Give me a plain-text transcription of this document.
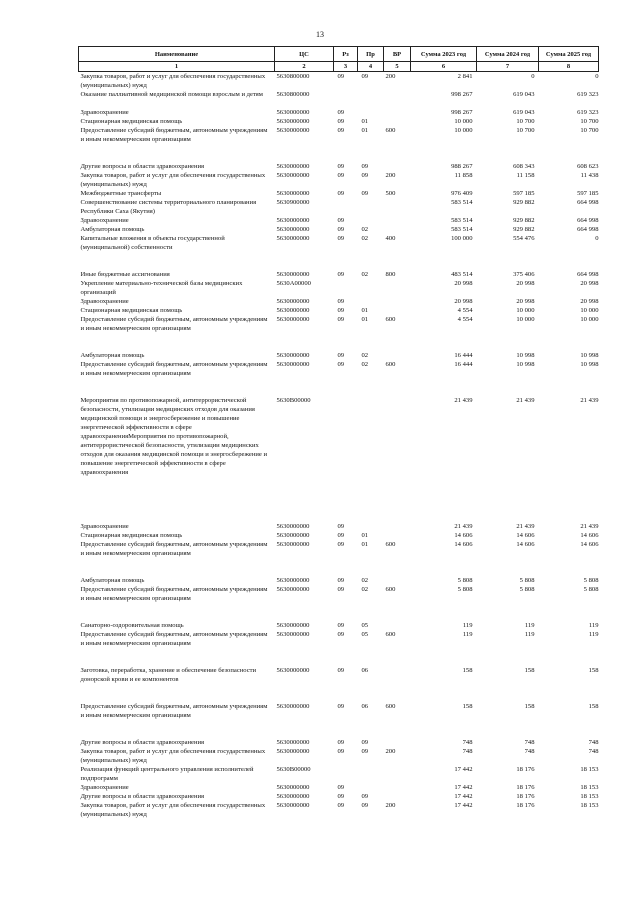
13
Наименование	ЦС	Рз	Пр	ВР	Сумма 2023 год	Сумма 2024 год	Сумма 2025 год
1	2	3	4	5	6	7	8
Закупка товаров, работ и услуг для обеспечения государственных (муниципальных) нужд	5630800000	09	09	200	2 841	0	0
Оказание паллиативной медицинской помощи взрослым и детям	5630800000				998 267	619 043	619 323
Здравоохранение	5630000000	09			998 267	619 043	619 323
Стационарная медицинская помощь	5630000000	09	01		10 000	10 700	10 700
Предоставление субсидий бюджетным, автономным учреждениям и иным некоммерческим организациям	5630000000	09	01	600	10 000	10 700	10 700
Другие вопросы в области здравоохранения	5630000000	09	09		988 267	608 343	608 623
Закупка товаров, работ и услуг для обеспечения государственных (муниципальных) нужд	5630000000	09	09	200	11 858	11 158	11 438
Межбюджетные трансферты	5630000000	09	09	500	976 409	597 185	597 185
Совершенствование системы территориального планирования Республики Саха (Якутия)	5630900000				583 514	929 882	664 998
Здравоохранение	5630000000	09			583 514	929 882	664 998
Амбулаторная помощь	5630000000	09	02		583 514	929 882	664 998
Капитальные вложения в объекты государственной (муниципальной) собственности	5630000000	09	02	400	100 000	554 476	0
Иные бюджетные ассигнования	5630000000	09	02	800	483 514	375 406	664 998
Укрепление материально-технической базы медицинских организаций	5630A00000				20 998	20 998	20 998
Здравоохранение	5630000000	09			20 998	20 998	20 998
Стационарная медицинская помощь	5630000000	09	01		4 554	10 000	10 000
Предоставление субсидий бюджетным, автономным учреждениям и иным некоммерческим организациям	5630000000	09	01	600	4 554	10 000	10 000
Амбулаторная помощь	5630000000	09	02		16 444	10 998	10 998
Предоставление субсидий бюджетным, автономным учреждениям и иным некоммерческим организациям	5630000000	09	02	600	16 444	10 998	10 998
Мероприятия по противопожарной, антитеррористической безопасности, утилизации медицинских отходов для оказания медицинской помощи и энергосбережение и повышение энергетической эффективности в сфере здравоохраненияМероприятия по противопожарной, антитеррористической безопасности, утилизации медицинских отходов для оказания медицинской помощи и энергосбережение и повышение энергетической эффективности в сфере здравоохранения	5630B00000				21 439	21 439	21 439
Здравоохранение	5630000000	09			21 439	21 439	21 439
Стационарная медицинская помощь	5630000000	09	01		14 606	14 606	14 606
Предоставление субсидий бюджетным, автономным учреждениям и иным некоммерческим организациям	5630000000	09	01	600	14 606	14 606	14 606
Амбулаторная помощь	5630000000	09	02		5 808	5 808	5 808
Предоставление субсидий бюджетным, автономным учреждениям и иным некоммерческим организациям	5630000000	09	02	600	5 808	5 808	5 808
Санаторно-оздоровительная помощь	5630000000	09	05		119	119	119
Предоставление субсидий бюджетным, автономным учреждениям и иным некоммерческим организациям	5630000000	09	05	600	119	119	119
Заготовка, переработка, хранение и обеспечение безопасности донорской крови и ее компонентов	5630000000	09	06		158	158	158
Предоставление субсидий бюджетным, автономным учреждениям и иным некоммерческим организациям	5630000000	09	06	600	158	158	158
Другие вопросы в области здравоохранения	5630000000	09	09		748	748	748
Закупка товаров, работ и услуг для обеспечения государственных (муниципальных) нужд	5630000000	09	09	200	748	748	748
Реализация функций центрального управления исполнителей подпрограмм	5630B00000				17 442	18 176	18 153
Здравоохранение	5630000000	09			17 442	18 176	18 153
Другие вопросы в области здравоохранения	5630000000	09	09		17 442	18 176	18 153
Закупка товаров, работ и услуг для обеспечения государственных (муниципальных) нужд	5630000000	09	09	200	17 442	18 176	18 153
